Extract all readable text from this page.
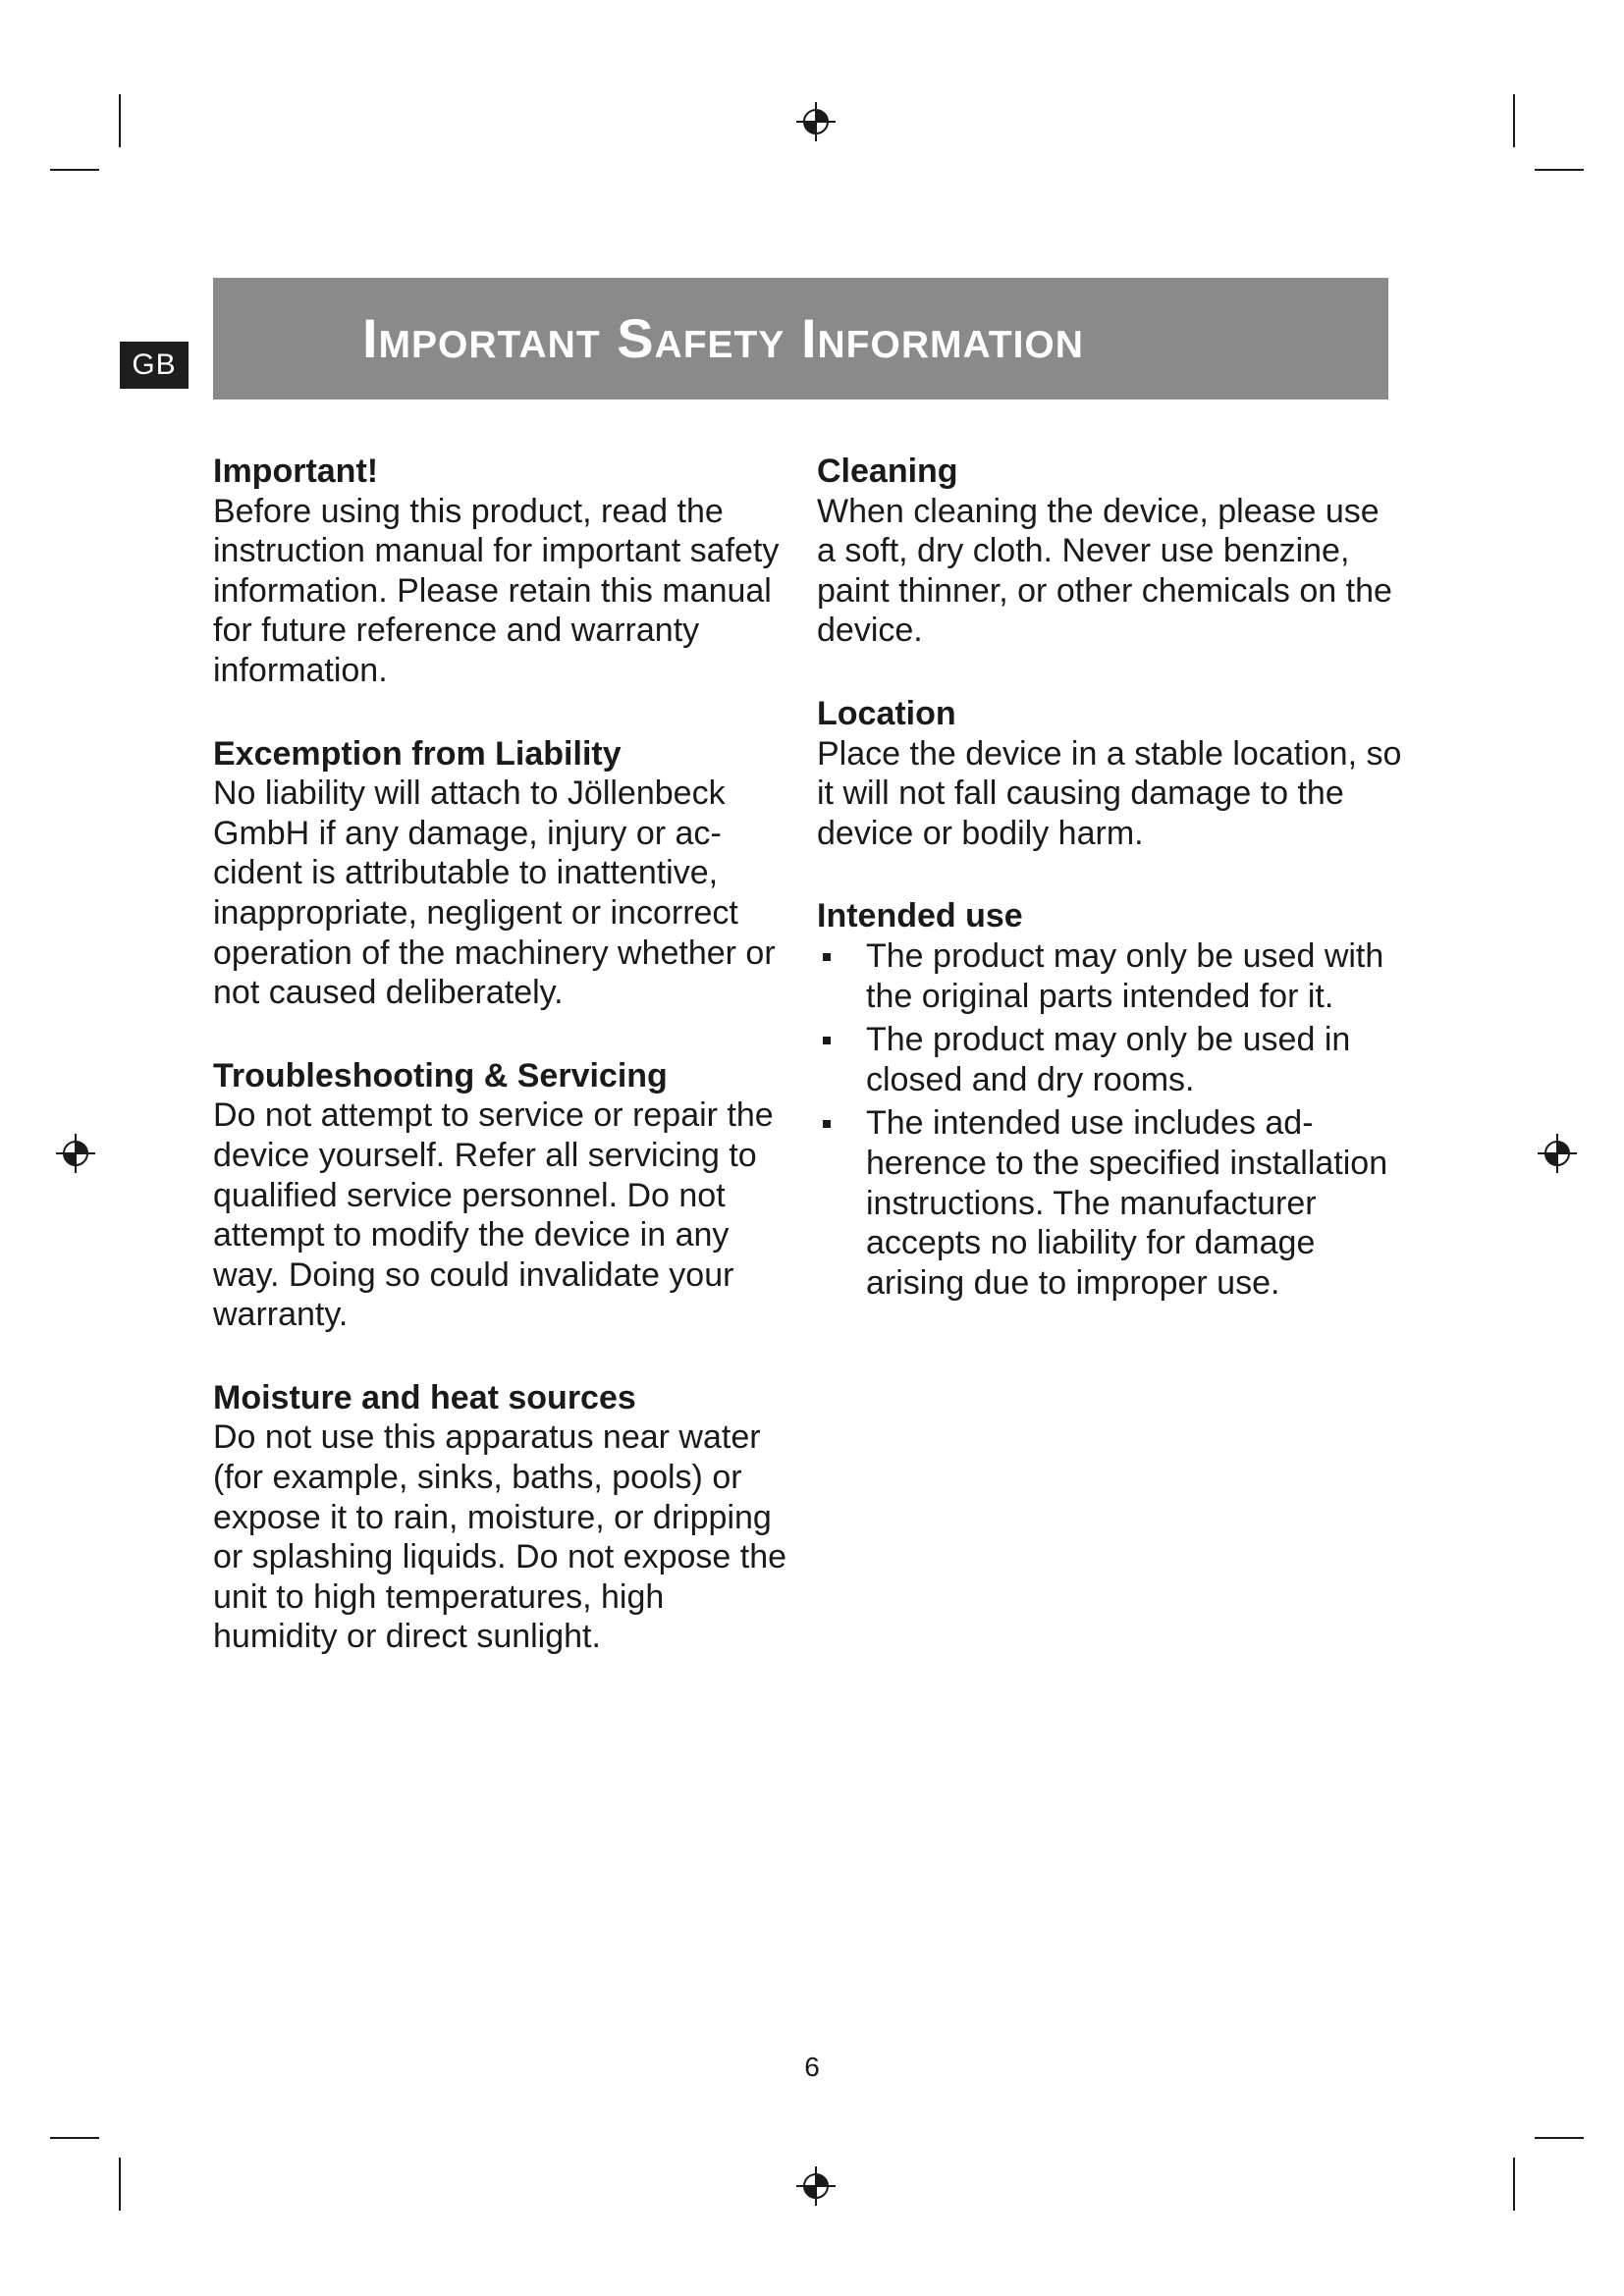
GB	Important Safety Information

Important!

Before using this product, read the instruction manual for important safety information. Please retain this manual for future reference and warranty information.

Excemption from Liability

No liability will attach to Jöllenbeck GmbH if any damage, injury or accident is attributable to inattentive, inappropriate, negligent or incorrect operation of the machinery whether or not caused deliberately.

Troubleshooting & Servicing

Do not attempt to service or repair the device yourself. Refer all servicing to qualified service personnel. Do not attempt to modify the device in any way. Doing so could invalidate your warranty.

Moisture and heat sources

Do not use this apparatus near water (for example, sinks, baths, pools) or expose it to rain, moisture, or dripping or splashing liquids. Do not expose the unit to high temperatures, high humidity or direct sunlight.

Cleaning

When cleaning the device, please use a soft, dry cloth. Never use benzine, paint thinner, or other chemicals on the device.

Location

Place the device in a stable location, so it will not fall causing damage to the device or bodily harm.

Intended use

The product may only be used with the original parts intended for it.
The product may only be used in closed and dry rooms.
The intended use includes adherence to the specified installation instructions. The manufacturer accepts no liability for damage arising due to improper use.
6
